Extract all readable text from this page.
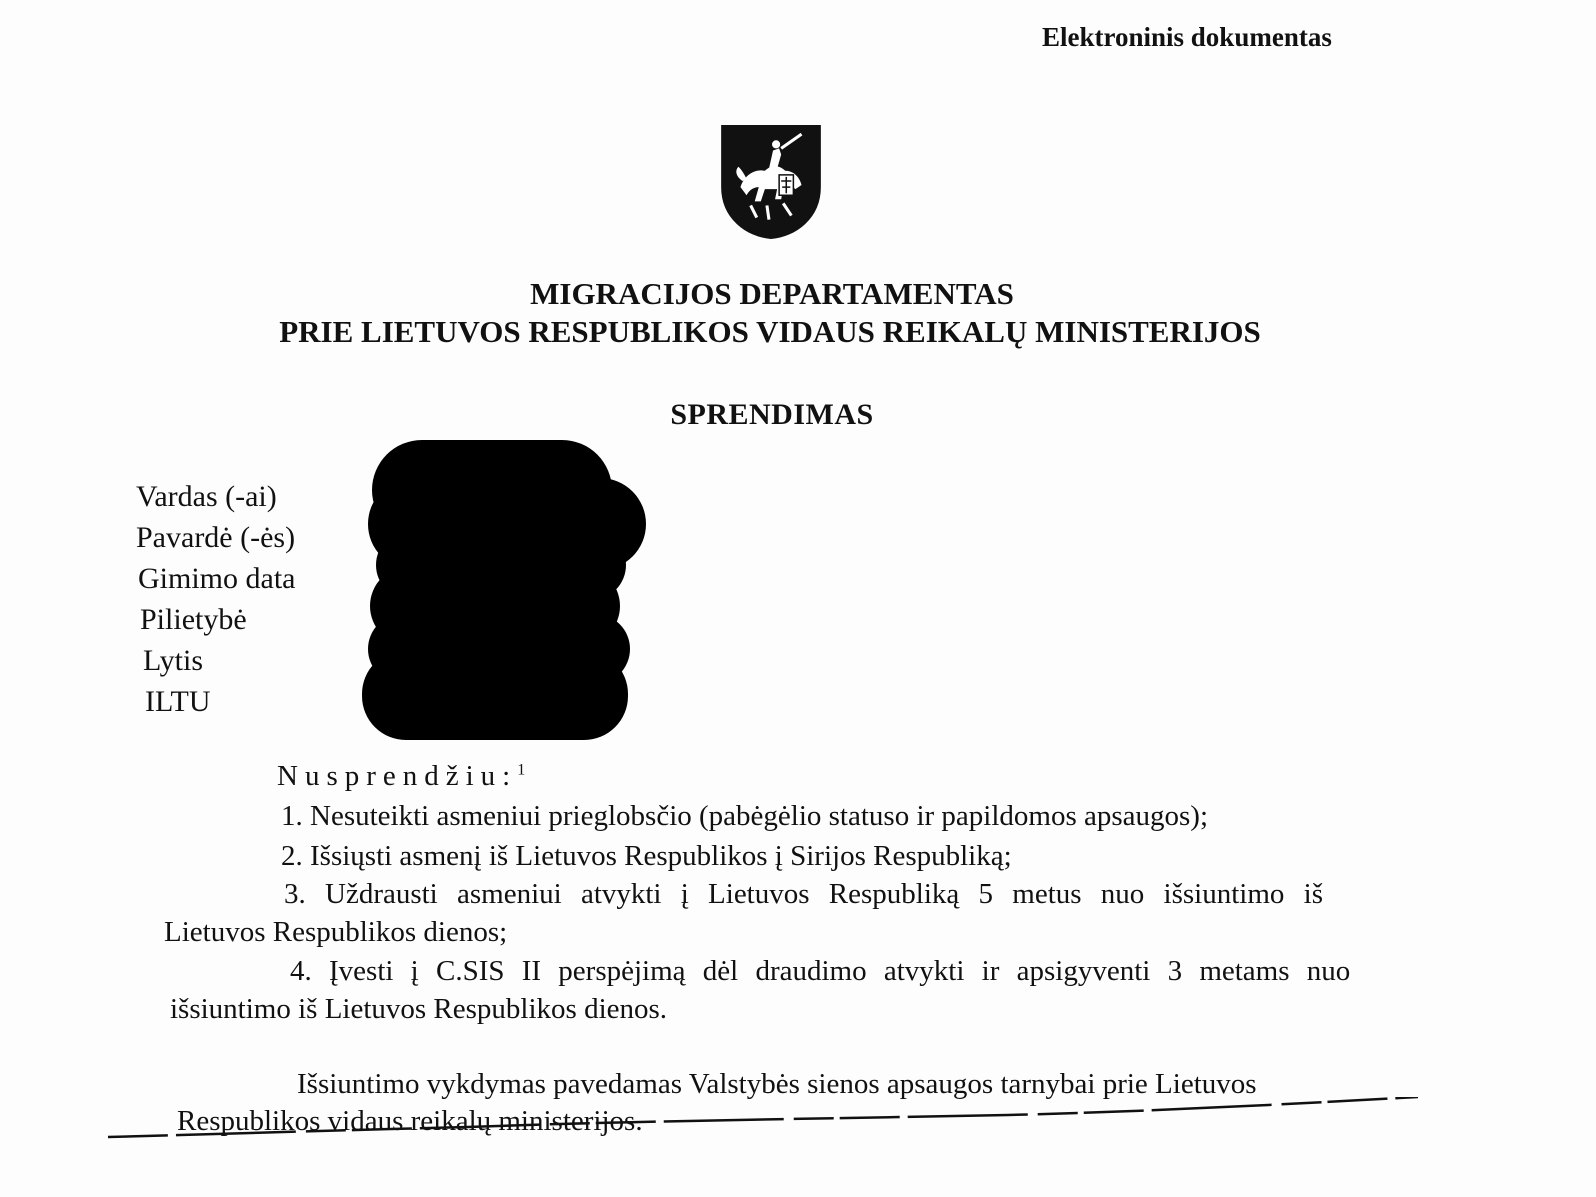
Elektroninis dokumentas
MIGRACIJOS DEPARTAMENTAS
PRIE LIETUVOS RESPUBLIKOS VIDAUS REIKALŲ MINISTERIJOS
SPRENDIMAS
Vardas (-ai)
Pavardė (-ės)
Gimimo data
Pilietybė
Lytis
ILTU
Nusprendžiu:$^1$
1. Nesuteikti asmeniui prieglobsčio (pabėgėlio statuso ir papildomos apsaugos);
2. Išsiųsti asmenį iš Lietuvos Respublikos į Sirijos Respubliką;
3. Uždrausti asmeniui atvykti į Lietuvos Respubliką 5 metus nuo išsiuntimo iš
Lietuvos Respublikos dienos;
4. Įvesti į C.SIS II perspėjimą dėl draudimo atvykti ir apsigyventi 3 metams nuo
išsiuntimo iš Lietuvos Respublikos dienos.
Išsiuntimo vykdymas pavedamas Valstybės sienos apsaugos tarnybai prie Lietuvos
Respublikos vidaus reikalų ministerijos.
